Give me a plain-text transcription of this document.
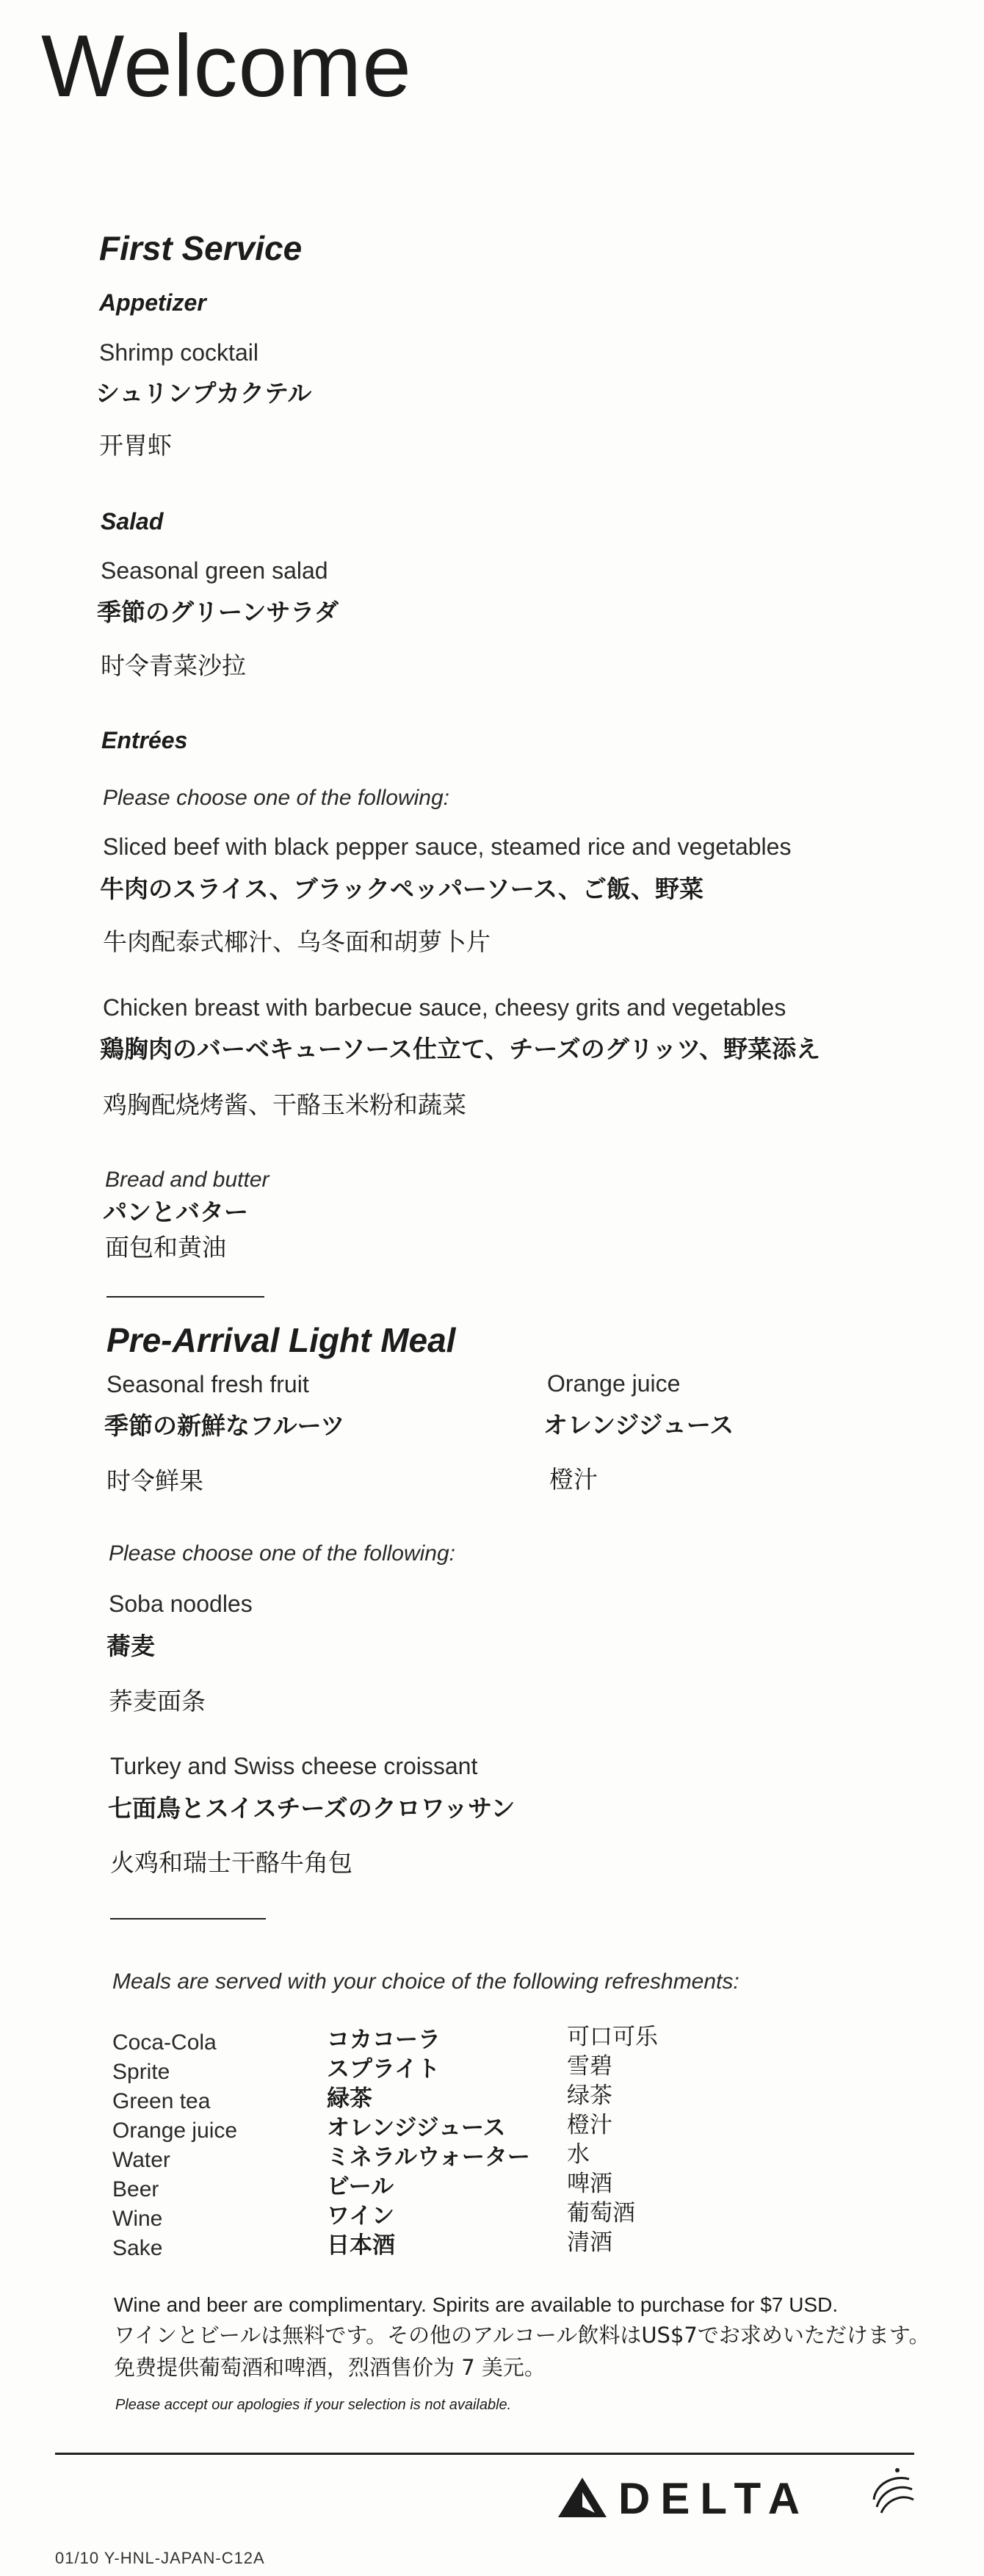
Welcome
First Service
Appetizer
Shrimp cocktail
シュリンプカクテル
开胃虾
Salad
Seasonal green salad
季節のグリーンサラダ
时令青菜沙拉
Entrées
Please choose one of the following:
Sliced beef with black pepper sauce, steamed rice and vegetables
牛肉のスライス、ブラックペッパーソース、ご飯、野菜
牛肉配泰式椰汁、乌冬面和胡萝卜片
Chicken breast with barbecue sauce, cheesy grits and vegetables
鶏胸肉のバーベキューソース仕立て、チーズのグリッツ、野菜添え
鸡胸配烧烤酱、干酪玉米粉和蔬菜
Bread and butter
パンとバター
面包和黄油
Pre-Arrival Light Meal
Seasonal fresh fruit
季節の新鮮なフルーツ
时令鲜果
Orange juice
オレンジジュース
橙汁
Please choose one of the following:
Soba noodles
蕎麦
荞麦面条
Turkey and Swiss cheese croissant
七面鳥とスイスチーズのクロワッサン
火鸡和瑞士干酪牛角包
Meals are served with your choice of the following refreshments:
Coca-Cola
Sprite
Green tea
Orange juice
Water
Beer
Wine
Sake
コカコーラ
スプライト
緑茶
オレンジジュース
ミネラルウォーター
ビール
ワイン
日本酒
可口可乐
雪碧
绿茶
橙汁
水
啤酒
葡萄酒
清酒
Wine and beer are complimentary. Spirits are available to purchase for $7 USD.
ワインとビールは無料です。その他のアルコール飲料はUS$7でお求めいただけます。
免费提供葡萄酒和啤酒，烈酒售价为 7 美元。
Please accept our apologies if your selection is not available.
DELTA
01/10 Y-HNL-JAPAN-C12A
